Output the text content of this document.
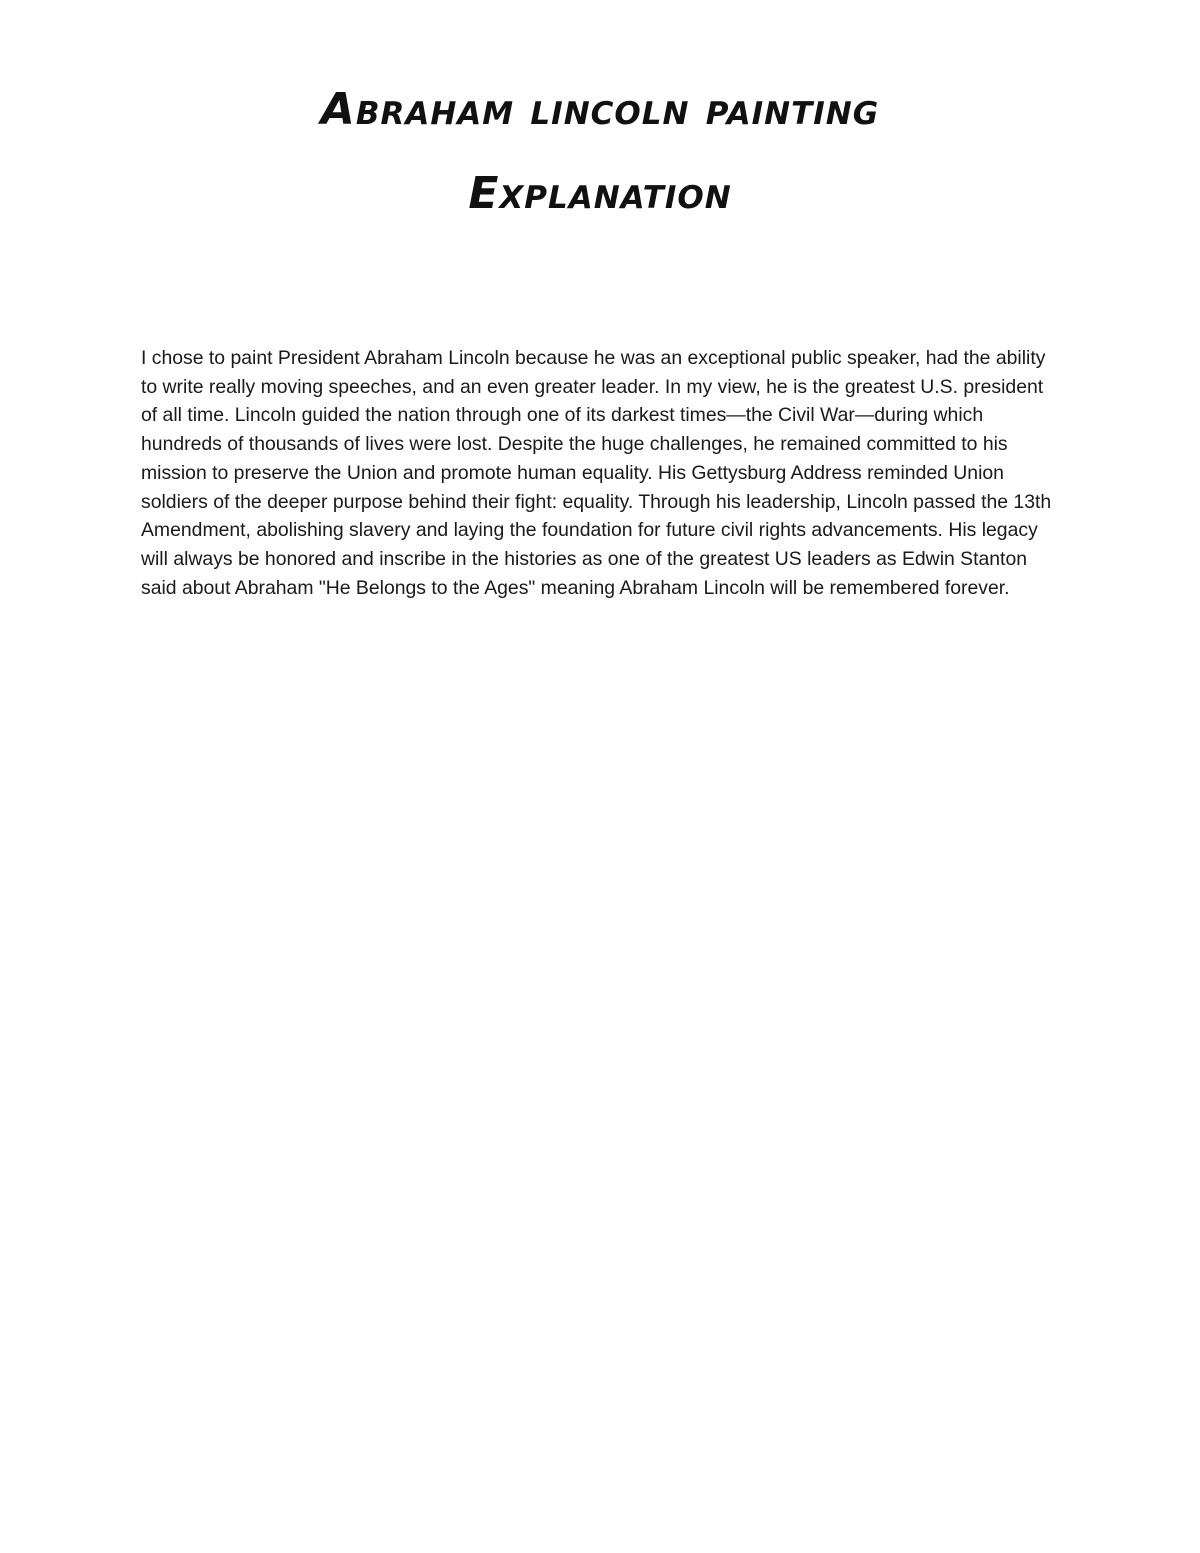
Abraham lincoln painting
Explanation

I chose to paint President Abraham Lincoln because he was an exceptional public speaker, had the ability to write really moving speeches, and an even greater leader. In my view, he is the greatest U.S. president of all time. Lincoln guided the nation through one of its darkest times—the Civil War—during which hundreds of thousands of lives were lost. Despite the huge challenges, he remained committed to his mission to preserve the Union and promote human equality. His Gettysburg Address reminded Union soldiers of the deeper purpose behind their fight: equality. Through his leadership, Lincoln passed the 13th Amendment, abolishing slavery and laying the foundation for future civil rights advancements. His legacy will always be honored and inscribe in the histories as one of the greatest US leaders as Edwin Stanton said about Abraham "He Belongs to the Ages" meaning Abraham Lincoln will be remembered forever.
